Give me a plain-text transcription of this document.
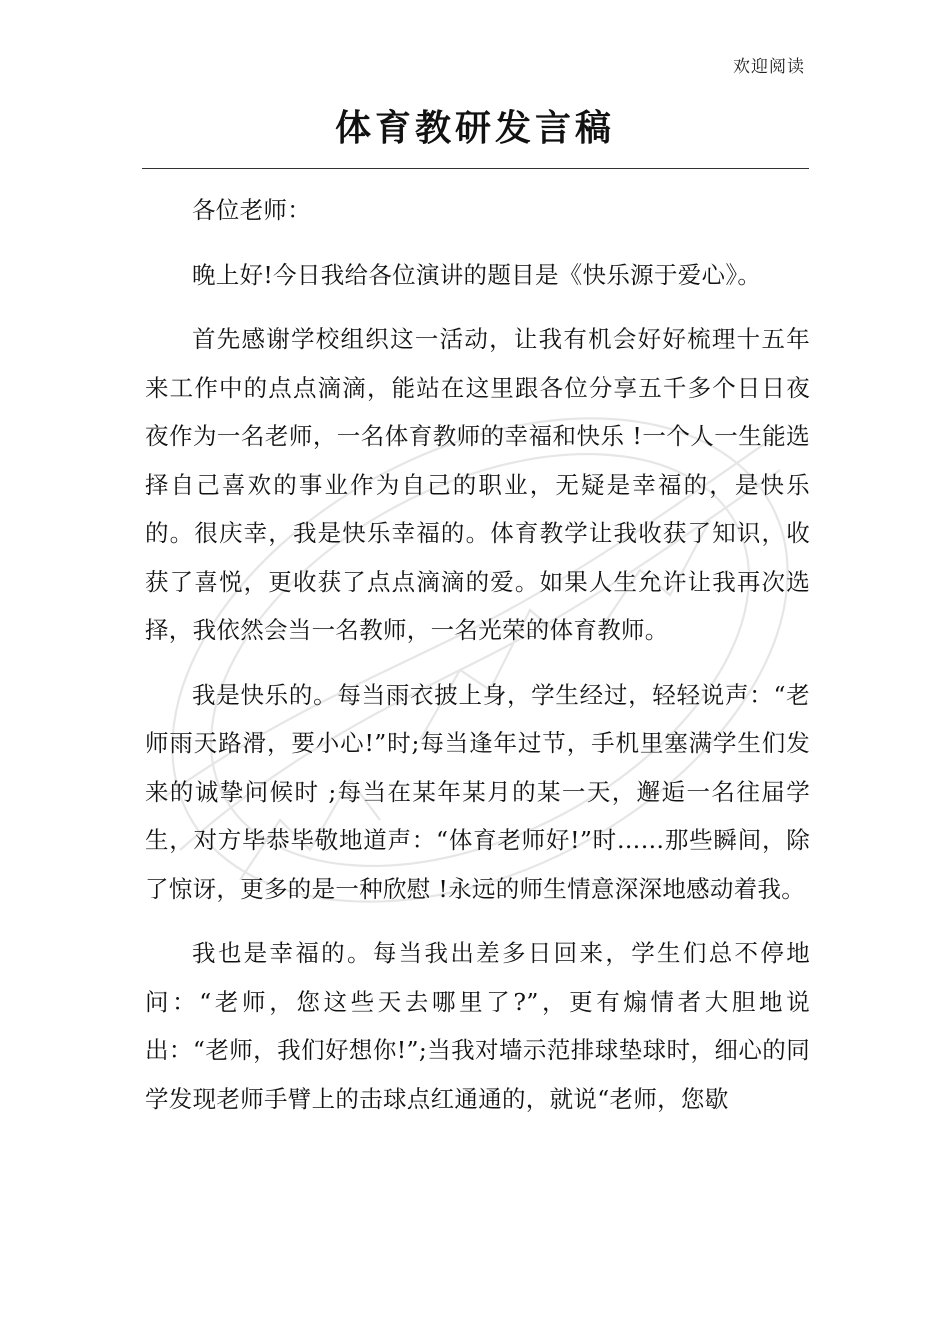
欢迎阅读
体育教研发言稿

各位老师：

晚上好!今日我给各位演讲的题目是《快乐源于爱心》。

首先感谢学校组织这一活动，让我有机会好好梳理十五年来工作中的点点滴滴，能站在这里跟各位分享五千多个日日夜夜作为一名老师，一名体育教师的幸福和快乐 !一个人一生能选择自己喜欢的事业作为自己的职业，无疑是幸福的，是快乐的。很庆幸，我是快乐幸福的。体育教学让我收获了知识，收获了喜悦，更收获了点点滴滴的爱。如果人生允许让我再次选择，我依然会当一名教师，一名光荣的体育教师。

我是快乐的。每当雨衣披上身，学生经过，轻轻说声：“老师雨天路滑，要小心!”时;每当逢年过节，手机里塞满学生们发来的诚挚问候时 ;每当在某年某月的某一天，邂逅一名往届学生，对方毕恭毕敬地道声：“体育老师好!”时……那些瞬间，除了惊讶，更多的是一种欣慰 !永远的师生情意深深地感动着我。

我也是幸福的。每当我出差多日回来，学生们总不停地问：“老师，您这些天去哪里了?”，更有煽情者大胆地说出：“老师，我们好想你!”;当我对墙示范排球垫球时，细心的同学发现老师手臂上的击球点红通通的，就说“老师，您歇
